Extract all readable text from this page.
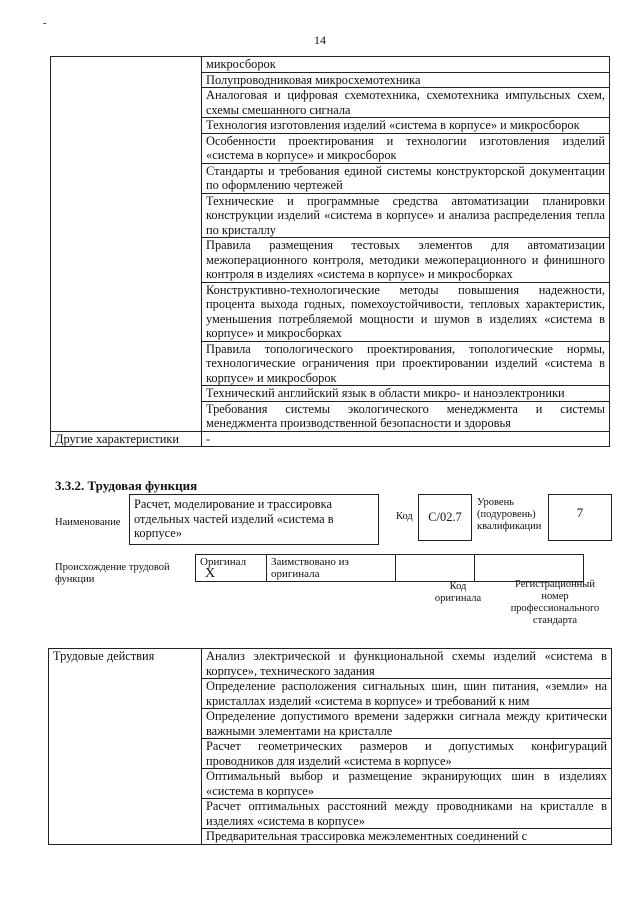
-
14
	микросборок
	Полупроводниковая микросхемотехника
	Аналоговая и цифровая схемотехника, схемотехника импульсных схем, схемы смешанного сигнала
	Технология изготовления изделий «система в корпусе» и микросборок
	Особенности проектирования и технологии изготовления изделий «система в корпусе» и микросборок
	Стандарты и требования единой системы конструкторской документации по оформлению чертежей
	Технические и программные средства автоматизации планировки конструкции изделий «система в корпусе» и анализа распределения тепла по кристаллу
	Правила размещения тестовых элементов для автоматизации межоперационного контроля, методики межоперационного и финишного контроля в изделиях «система в корпусе» и микросборках
	Конструктивно-технологические методы повышения надежности, процента выхода годных, помехоустойчивости, тепловых характеристик, уменьшения потребляемой мощности и шумов в изделиях «система в корпусе» и микросборках
	Правила топологического проектирования, топологические нормы, технологические ограничения при проектировании изделий «система в корпусе» и микросборок
	Технический английский язык в области микро- и наноэлектроники
	Требования системы экологического менеджмента и системы менеджмента производственной безопасности и здоровья
Другие характеристики	-
3.3.2. Трудовая функция
Наименование
Расчет, моделирование и трассировка отдельных частей изделий «система в корпусе»
Код	C/02.7
Уровень (подуровень) квалификации
7
Происхождение трудовой функции
Оригинал X	Заимствовано из оригинала		
Код оригинала
Регистрационный номер профессионального стандарта
Трудовые действия	Анализ электрической и функциональной схемы изделий «система в корпусе», технического задания
Определение расположения сигнальных шин, шин питания, «земли» на кристаллах изделий «система в корпусе» и требований к ним
Определение допустимого времени задержки сигнала между критически важными элементами на кристалле
Расчет геометрических размеров и допустимых конфигураций проводников для изделий «система в корпусе»
Оптимальный выбор и размещение экранирующих шин в изделиях «система в корпусе»
Расчет оптимальных расстояний между проводниками на кристалле в изделиях «система в корпусе»
Предварительная трассировка межэлементных соединений с
